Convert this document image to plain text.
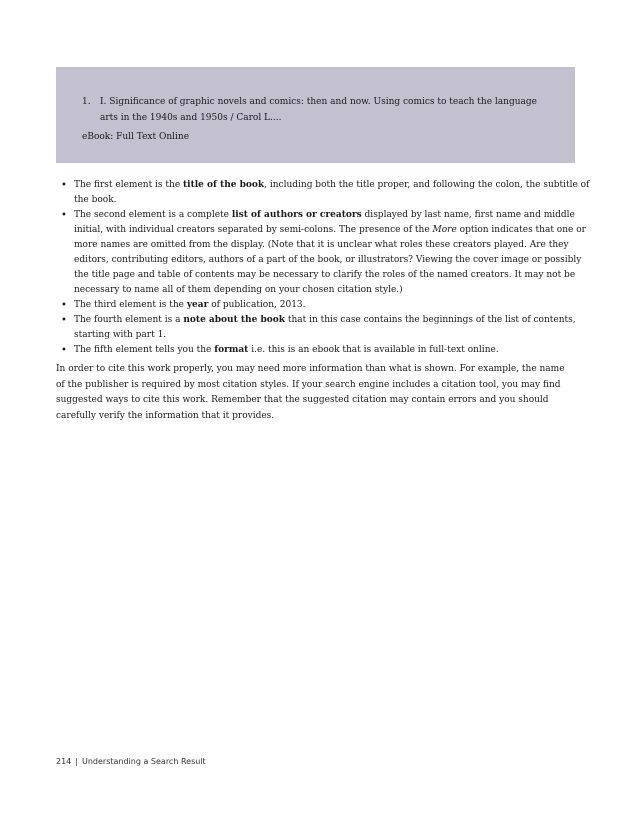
1.	I. Significance of graphic novels and comics: then and now. Using comics to teach the language arts in the 1940s and 1950s / Carol L....
eBook: Full Text Online
• The first element is the title of the book, including both the title proper, and following the colon, the subtitle of the book.
• The second element is a complete list of authors or creators displayed by last name, first name and middle initial, with individual creators separated by semi-colons. The presence of the More option indicates that one or more names are omitted from the display. (Note that it is unclear what roles these creators played. Are they editors, contributing editors, authors of a part of the book, or illustrators? Viewing the cover image or possibly the title page and table of contents may be necessary to clarify the roles of the named creators. It may not be necessary to name all of them depending on your chosen citation style.)
• The third element is the year of publication, 2013.
• The fourth element is a note about the book that in this case contains the beginnings of the list of contents, starting with part 1.
• The fifth element tells you the format i.e. this is an ebook that is available in full-text online.

In order to cite this work properly, you may need more information than what is shown. For example, the name of the publisher is required by most citation styles. If your search engine includes a citation tool, you may find suggested ways to cite this work. Remember that the suggested citation may contain errors and you should carefully verify the information that it provides.

214 | Understanding a Search Result
